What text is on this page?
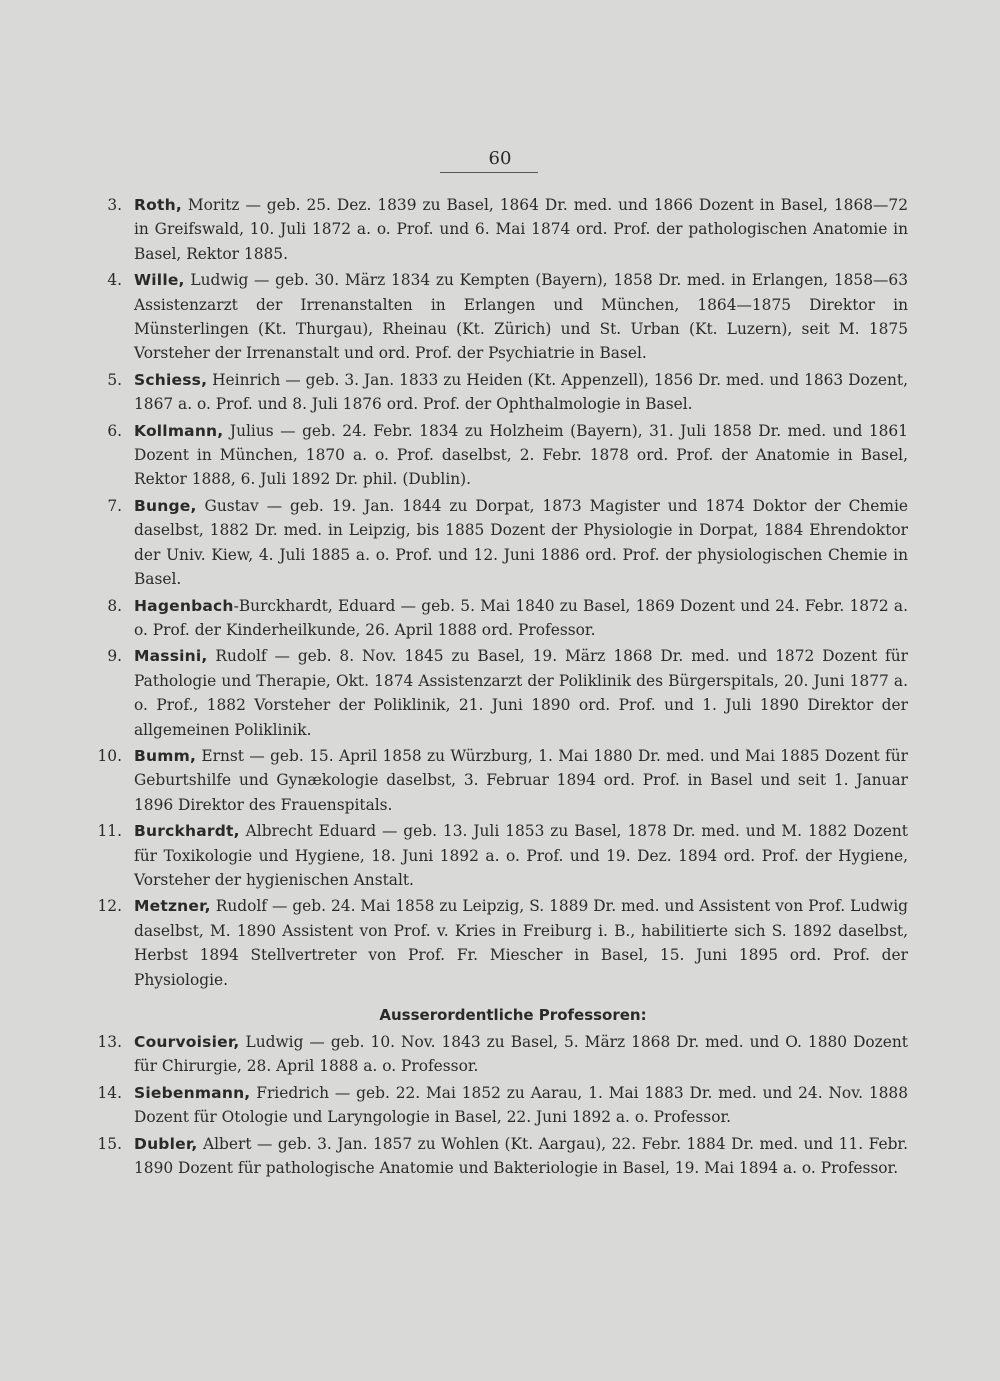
60
3. Roth, Moritz — geb. 25. Dez. 1839 zu Basel, 1864 Dr. med. und 1866 Dozent in Basel, 1868—72 in Greifswald, 10. Juli 1872 a. o. Prof. und 6. Mai 1874 ord. Prof. der pathologischen Anatomie in Basel, Rektor 1885.
4. Wille, Ludwig — geb. 30. März 1834 zu Kempten (Bayern), 1858 Dr. med. in Erlangen, 1858—63 Assistenzarzt der Irrenanstalten in Erlangen und München, 1864—1875 Direktor in Münsterlingen (Kt. Thurgau), Rheinau (Kt. Zürich) und St. Urban (Kt. Luzern), seit M. 1875 Vorsteher der Irrenanstalt und ord. Prof. der Psychiatrie in Basel.
5. Schiess, Heinrich — geb. 3. Jan. 1833 zu Heiden (Kt. Appenzell), 1856 Dr. med. und 1863 Dozent, 1867 a. o. Prof. und 8. Juli 1876 ord. Prof. der Ophthalmologie in Basel.
6. Kollmann, Julius — geb. 24. Febr. 1834 zu Holzheim (Bayern), 31. Juli 1858 Dr. med. und 1861 Dozent in München, 1870 a. o. Prof. daselbst, 2. Febr. 1878 ord. Prof. der Anatomie in Basel, Rektor 1888, 6. Juli 1892 Dr. phil. (Dublin).
7. Bunge, Gustav — geb. 19. Jan. 1844 zu Dorpat, 1873 Magister und 1874 Doktor der Chemie daselbst, 1882 Dr. med. in Leipzig, bis 1885 Dozent der Physiologie in Dorpat, 1884 Ehrendoktor der Univ. Kiew, 4. Juli 1885 a. o. Prof. und 12. Juni 1886 ord. Prof. der physiologischen Chemie in Basel.
8. Hagenbach-Burckhardt, Eduard — geb. 5. Mai 1840 zu Basel, 1869 Dozent und 24. Febr. 1872 a. o. Prof. der Kinderheilkunde, 26. April 1888 ord. Professor.
9. Massini, Rudolf — geb. 8. Nov. 1845 zu Basel, 19. März 1868 Dr. med. und 1872 Dozent für Pathologie und Therapie, Okt. 1874 Assistenzarzt der Poliklinik des Bürgerspitals, 20. Juni 1877 a. o. Prof., 1882 Vorsteher der Poliklinik, 21. Juni 1890 ord. Prof. und 1. Juli 1890 Direktor der allgemeinen Poliklinik.
10. Bumm, Ernst — geb. 15. April 1858 zu Würzburg, 1. Mai 1880 Dr. med. und Mai 1885 Dozent für Geburtshilfe und Gynækologie daselbst, 3. Februar 1894 ord. Prof. in Basel und seit 1. Januar 1896 Direktor des Frauenspitals.
11. Burckhardt, Albrecht Eduard — geb. 13. Juli 1853 zu Basel, 1878 Dr. med. und M. 1882 Dozent für Toxikologie und Hygiene, 18. Juni 1892 a. o. Prof. und 19. Dez. 1894 ord. Prof. der Hygiene, Vorsteher der hygienischen Anstalt.
12. Metzner, Rudolf — geb. 24. Mai 1858 zu Leipzig, S. 1889 Dr. med. und Assistent von Prof. Ludwig daselbst, M. 1890 Assistent von Prof. v. Kries in Freiburg i. B., habilitierte sich S. 1892 daselbst, Herbst 1894 Stellvertreter von Prof. Fr. Miescher in Basel, 15. Juni 1895 ord. Prof. der Physiologie.
Ausserordentliche Professoren:
13. Courvoisier, Ludwig — geb. 10. Nov. 1843 zu Basel, 5. März 1868 Dr. med. und O. 1880 Dozent für Chirurgie, 28. April 1888 a. o. Professor.
14. Siebenmann, Friedrich — geb. 22. Mai 1852 zu Aarau, 1. Mai 1883 Dr. med. und 24. Nov. 1888 Dozent für Otologie und Laryngologie in Basel, 22. Juni 1892 a. o. Professor.
15. Dubler, Albert — geb. 3. Jan. 1857 zu Wohlen (Kt. Aargau), 22. Febr. 1884 Dr. med. und 11. Febr. 1890 Dozent für pathologische Anatomie und Bakteriologie in Basel, 19. Mai 1894 a. o. Professor.
